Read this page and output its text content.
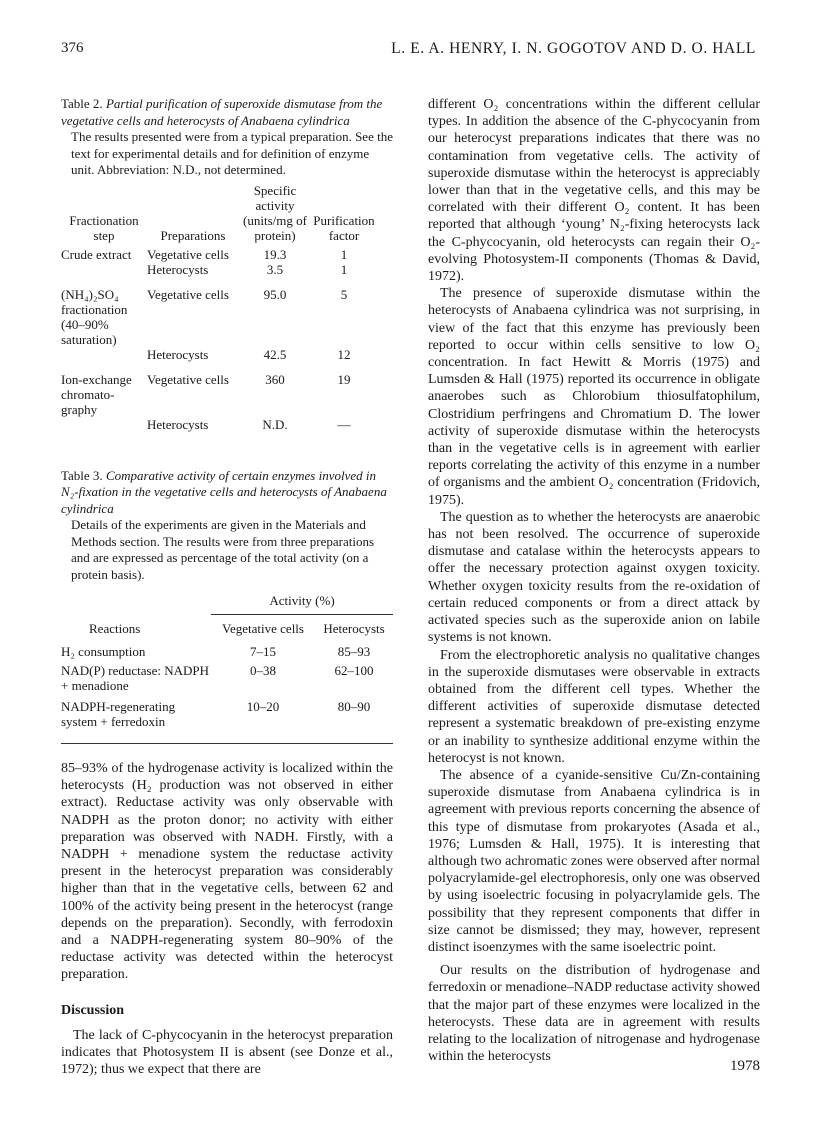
376	L. E. A. HENRY, I. N. GOGOTOV AND D. O. HALL
Table 2. Partial purification of superoxide dismutase from the vegetative cells and heterocysts of Anabaena cylindrica
The results presented were from a typical preparation. See the text for experimental details and for definition of enzyme unit. Abbreviation: N.D., not determined.
Fractionation step	Preparations	Specific activity (units/mg of protein)	Purification factor
Crude extract	Vegetative cells	19.3	1
	Heterocysts	3.5	1
(NH₄)₂SO₄ fractionation (40–90% saturation)	Vegetative cells	95.0	5
	Heterocysts	42.5	12
Ion-exchange chromato-graphy	Vegetative cells	360	19
	Heterocysts	N.D.	—
Table 3. Comparative activity of certain enzymes involved in N₂-fixation in the vegetative cells and heterocysts of Anabaena cylindrica
Details of the experiments are given in the Materials and Methods section. The results were from three preparations and are expressed as percentage of the total activity (on a protein basis).
	Activity (%)	
Reactions	Vegetative cells	Heterocysts
H₂ consumption	7–15	85–93
NAD(P) reductase: NADPH + menadione	0–38	62–100
NADPH-regenerating system + ferredoxin	10–20	80–90

85–93% of the hydrogenase activity is localized within the heterocysts (H₂ production was not observed in either extract). Reductase activity was only observable with NADPH as the proton donor; no activity with either preparation was observed with NADH. Firstly, with a NADPH + menadione system the reductase activity present in the heterocyst preparation was considerably higher than that in the vegetative cells, between 62 and 100% of the activity being present in the heterocyst (range depends on the preparation). Secondly, with ferrodoxin and a NADPH-regenerating system 80–90% of the reductase activity was detected within the heterocyst preparation.

Discussion

The lack of C-phycocyanin in the heterocyst preparation indicates that Photosystem II is absent (see Donze et al., 1972); thus we expect that there are

different O₂ concentrations within the different cellular types. In addition the absence of the C-phycocyanin from our heterocyst preparations indicates that there was no contamination from vegetative cells. The activity of superoxide dismutase within the heterocyst is appreciably lower than that in the vegetative cells, and this may be correlated with their different O₂ content. It has been reported that although ‘young’ N₂-fixing heterocysts lack the C-phycocyanin, old heterocysts can regain their O₂-evolving Photosystem-II components (Thomas & David, 1972).

The presence of superoxide dismutase within the heterocysts of Anabaena cylindrica was not surprising, in view of the fact that this enzyme has previously been reported to occur within cells sensitive to low O₂ concentration. In fact Hewitt & Morris (1975) and Lumsden & Hall (1975) reported its occurrence in obligate anaerobes such as Chlorobium thiosulfatophilum, Clostridium perfringens and Chromatium D. The lower activity of superoxide dismutase within the heterocysts than in the vegetative cells is in agreement with earlier reports correlating the activity of this enzyme in a number of organisms and the ambient O₂ concentration (Fridovich, 1975).

The question as to whether the heterocysts are anaerobic has not been resolved. The occurrence of superoxide dismutase and catalase within the heterocysts appears to offer the necessary protection against oxygen toxicity. Whether oxygen toxicity results from the re-oxidation of certain reduced components or from a direct attack by activated species such as the superoxide anion on labile systems is not known.

From the electrophoretic analysis no qualitative changes in the superoxide dismutases were observable in extracts obtained from the different cell types. Whether the different activities of superoxide dismutase detected represent a systematic breakdown of pre-existing enzyme or an inability to synthesize additional enzyme within the heterocyst is not known.

The absence of a cyanide-sensitive Cu/Zn-containing superoxide dismutase from Anabaena cylindrica is in agreement with previous reports concerning the absence of this type of dismutase from prokaryotes (Asada et al., 1976; Lumsden & Hall, 1975). It is interesting that although two achromatic zones were observed after normal polyacrylamide-gel electrophoresis, only one was observed by using isoelectric focusing in polyacrylamide gels. The possibility that they represent components that differ in size cannot be dismissed; they may, however, represent distinct isoenzymes with the same isoelectric point.

Our results on the distribution of hydrogenase and ferredoxin or menadione–NADP reductase activity showed that the major part of these enzymes were localized in the heterocysts. These data are in agreement with results relating to the localization of nitrogenase and hydrogenase within the heterocysts

1978
